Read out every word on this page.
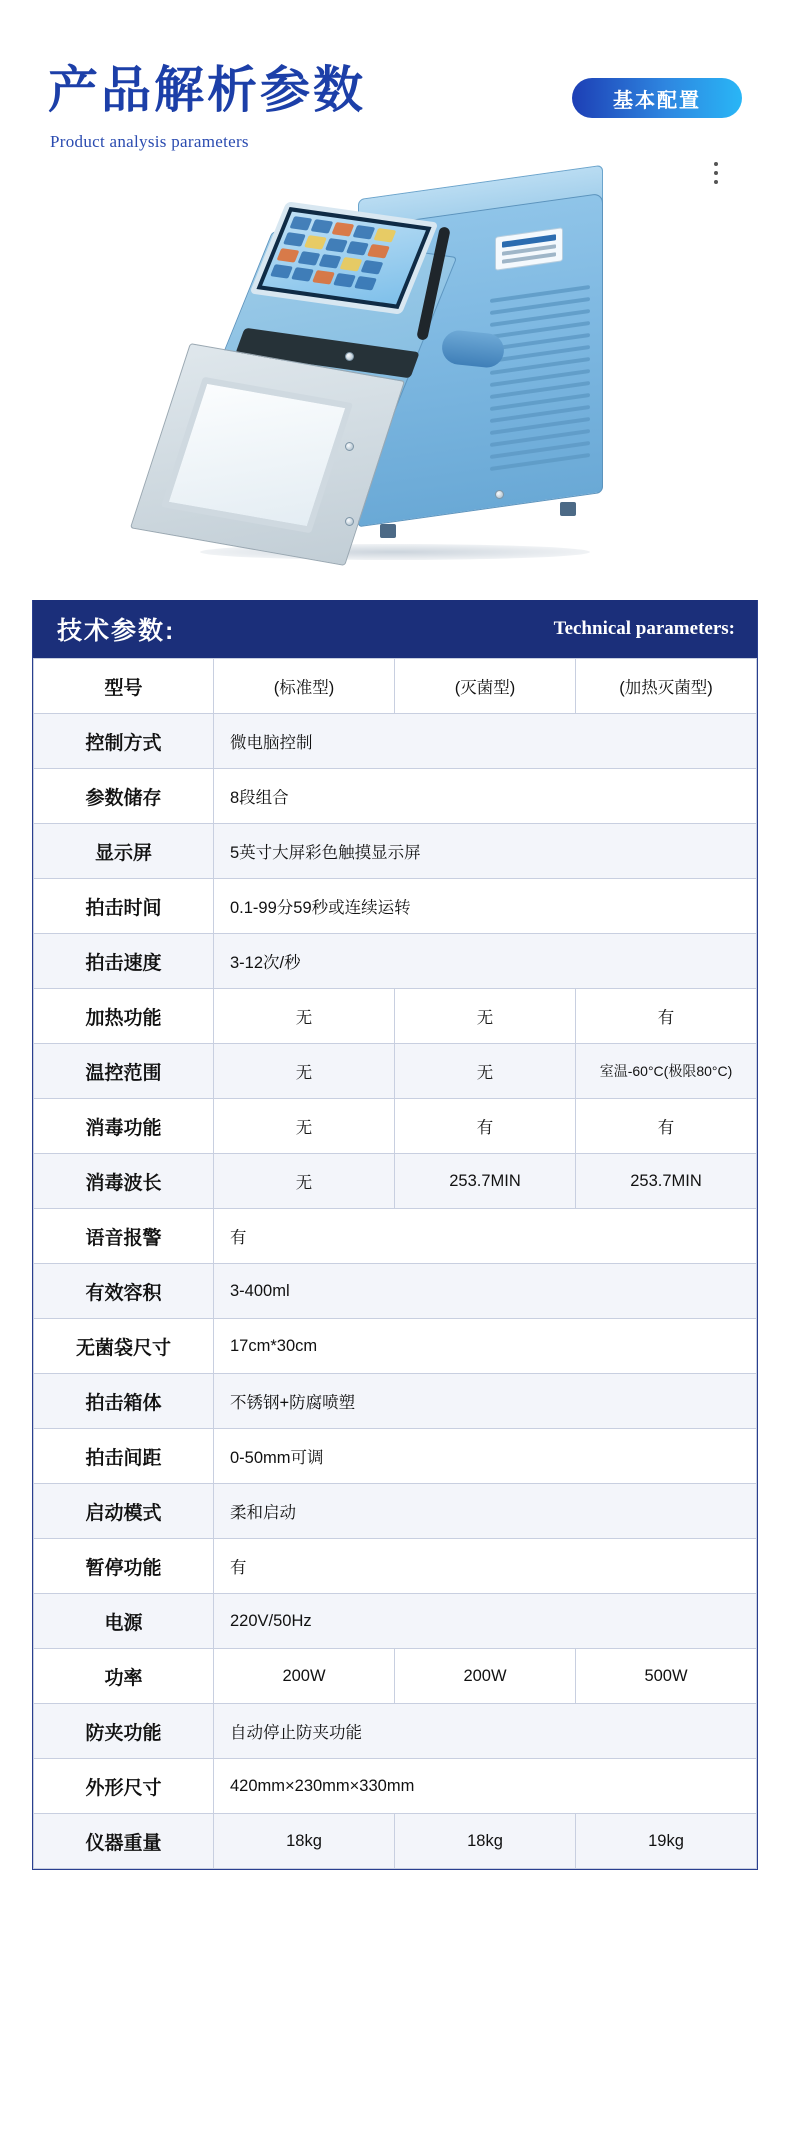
产品解析参数
Product analysis parameters
基本配置
技术参数:	Technical parameters:
型号	(标准型)	(灭菌型)	(加热灭菌型)
控制方式	微电脑控制		
参数储存	8段组合		
显示屏	5英寸大屏彩色触摸显示屏		
拍击时间	0.1-99分59秒或连续运转		
拍击速度	3-12次/秒		
加热功能	无	无	有
温控范围	无	无	室温-60°C(极限80°C)
消毒功能	无	有	有
消毒波长	无	253.7MIN	253.7MIN
语音报警	有		
有效容积	3-400ml		
无菌袋尺寸	17cm*30cm		
拍击箱体	不锈钢+防腐喷塑		
拍击间距	0-50mm可调		
启动模式	柔和启动		
暂停功能	有		
电源	220V/50Hz		
功率	200W	200W	500W
防夹功能	自动停止防夹功能		
外形尺寸	420mm×230mm×330mm		
仪器重量	18kg	18kg	19kg
